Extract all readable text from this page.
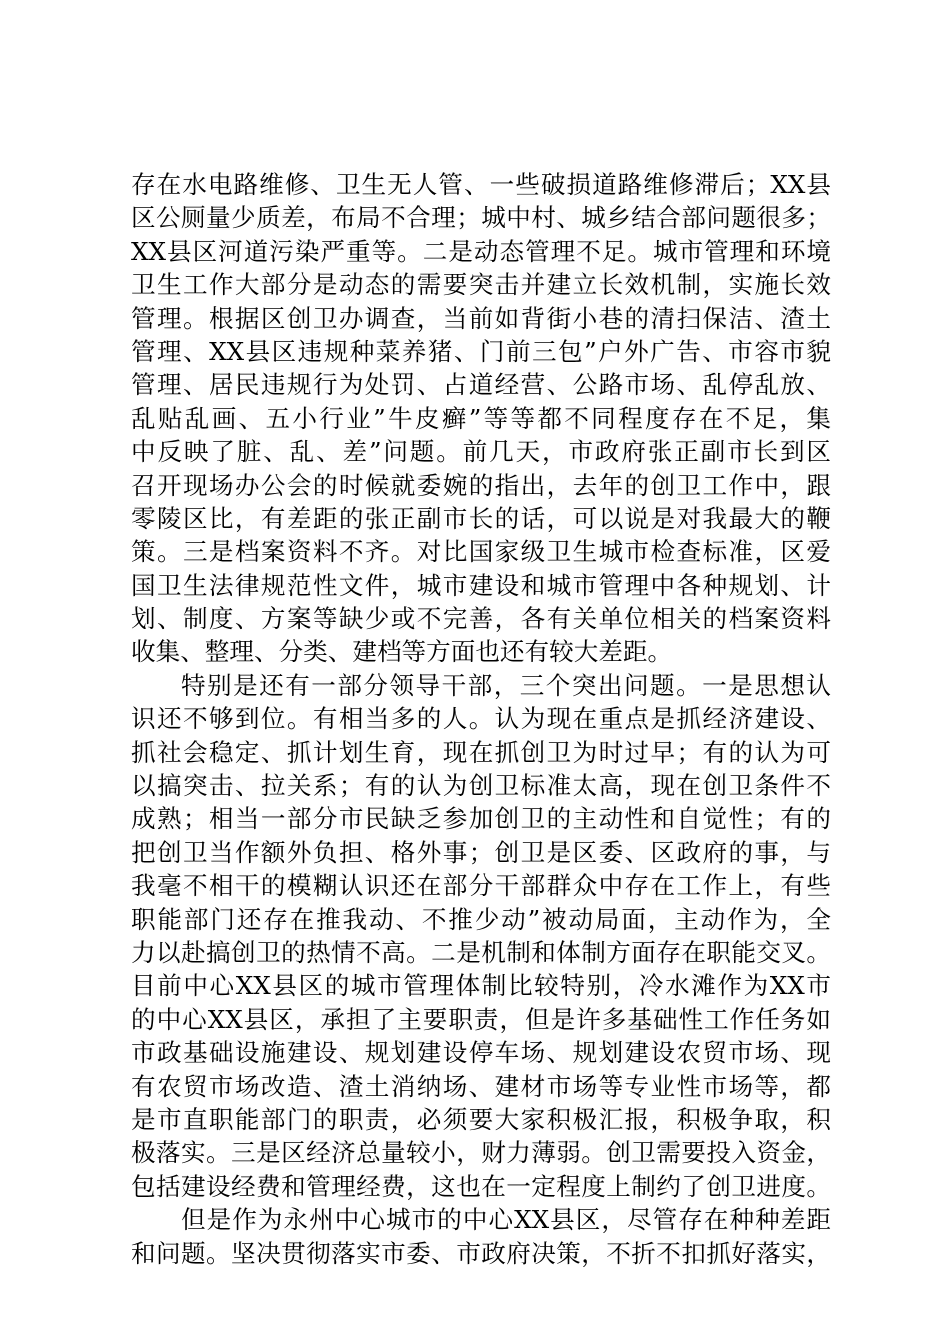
存在水电路维修、卫生无人管、一些破损道路维修滞后；XX县
区公厕量少质差，布局不合理；城中村、城乡结合部问题很多；
XX县区河道污染严重等。二是动态管理不足。城市管理和环境
卫生工作大部分是动态的需要突击并建立长效机制，实施长效
管理。根据区创卫办调查，当前如背街小巷的清扫保洁、渣土
管理、XX县区违规种菜养猪、门前三包”户外广告、市容市貌
管理、居民违规行为处罚、占道经营、公路市场、乱停乱放、
乱贴乱画、五小行业”牛皮癣”等等都不同程度存在不足，集
中反映了脏、乱、差”问题。前几天，市政府张正副市长到区
召开现场办公会的时候就委婉的指出，去年的创卫工作中，跟
零陵区比，有差距的张正副市长的话，可以说是对我最大的鞭
策。三是档案资料不齐。对比国家级卫生城市检查标准，区爱
国卫生法律规范性文件，城市建设和城市管理中各种规划、计
划、制度、方案等缺少或不完善，各有关单位相关的档案资料
收集、整理、分类、建档等方面也还有较大差距。
特别是还有一部分领导干部，三个突出问题。一是思想认
识还不够到位。有相当多的人。认为现在重点是抓经济建设、
抓社会稳定、抓计划生育，现在抓创卫为时过早；有的认为可
以搞突击、拉关系；有的认为创卫标准太高，现在创卫条件不
成熟；相当一部分市民缺乏参加创卫的主动性和自觉性；有的
把创卫当作额外负担、格外事；创卫是区委、区政府的事，与
我毫不相干的模糊认识还在部分干部群众中存在工作上，有些
职能部门还存在推我动、不推少动”被动局面，主动作为，全
力以赴搞创卫的热情不高。二是机制和体制方面存在职能交叉。
目前中心XX县区的城市管理体制比较特别，冷水滩作为XX市
的中心XX县区，承担了主要职责，但是许多基础性工作任务如
市政基础设施建设、规划建设停车场、规划建设农贸市场、现
有农贸市场改造、渣土消纳场、建材市场等专业性市场等，都
是市直职能部门的职责，必须要大家积极汇报，积极争取，积
极落实。三是区经济总量较小，财力薄弱。创卫需要投入资金，
包括建设经费和管理经费，这也在一定程度上制约了创卫进度。
但是作为永州中心城市的中心XX县区，尽管存在种种差距
和问题。坚决贯彻落实市委、市政府决策，不折不扣抓好落实，
